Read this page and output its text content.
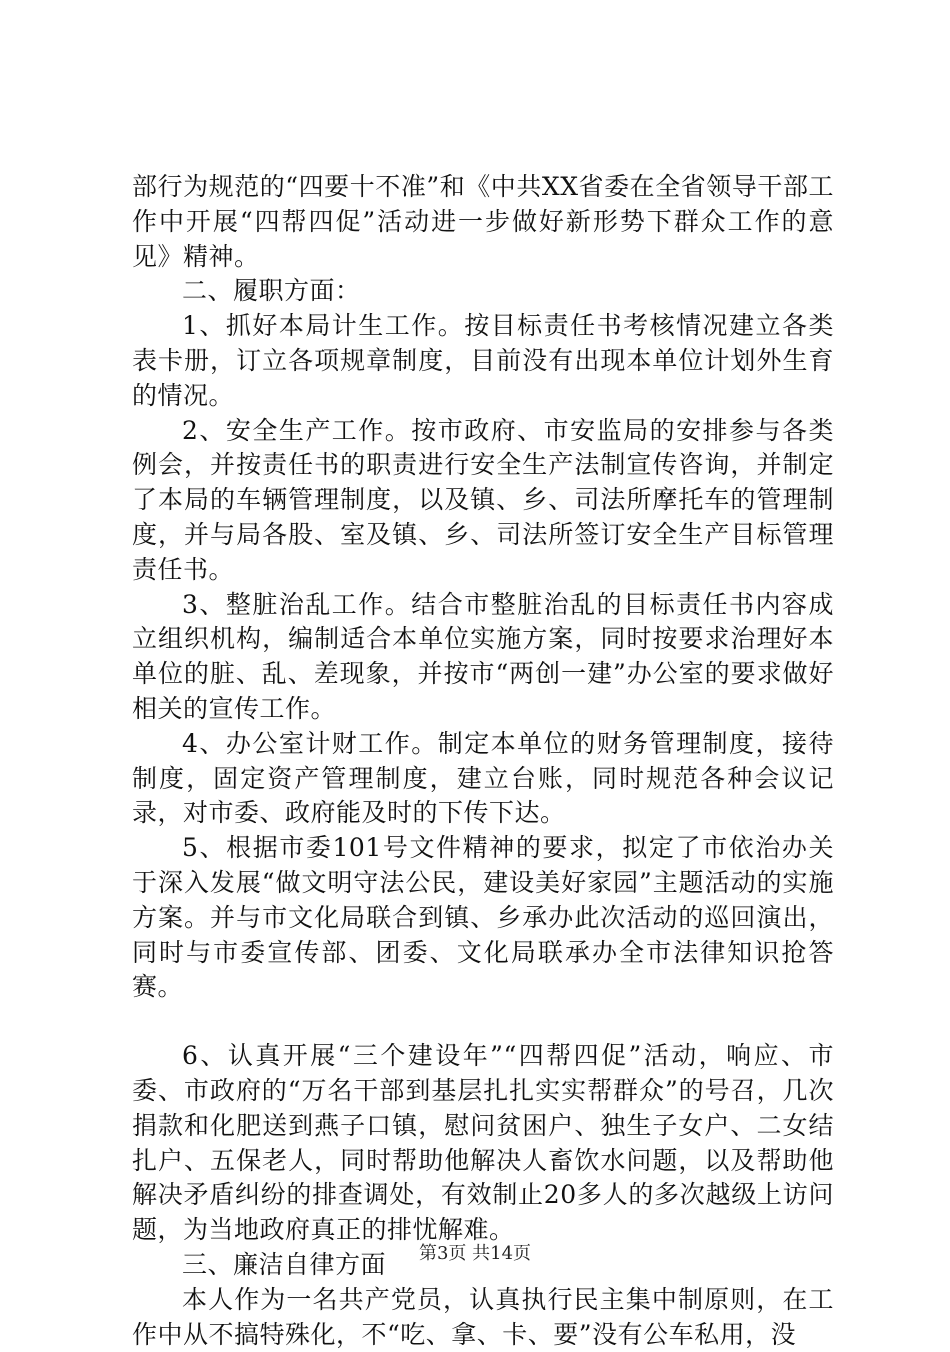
部行为规范的“四要十不准”和《中共XX省委在全省领导干部工作中开展“四帮四促”活动进一步做好新形势下群众工作的意见》精神。

二、履职方面：

1、抓好本局计生工作。按目标责任书考核情况建立各类表卡册，订立各项规章制度，目前没有出现本单位计划外生育的情况。

2、安全生产工作。按市政府、市安监局的安排参与各类例会，并按责任书的职责进行安全生产法制宣传咨询，并制定了本局的车辆管理制度，以及镇、乡、司法所摩托车的管理制度，并与局各股、室及镇、乡、司法所签订安全生产目标管理责任书。

3、整脏治乱工作。结合市整脏治乱的目标责任书内容成立组织机构，编制适合本单位实施方案，同时按要求治理好本单位的脏、乱、差现象，并按市“两创一建”办公室的要求做好相关的宣传工作。

4、办公室计财工作。制定本单位的财务管理制度，接待制度，固定资产管理制度，建立台账，同时规范各种会议记录，对市委、政府能及时的下传下达。

5、根据市委101号文件精神的要求，拟定了市依治办关于深入发展“做文明守法公民，建设美好家园”主题活动的实施方案。并与市文化局联合到镇、乡承办此次活动的巡回演出，同时与市委宣传部、团委、文化局联承办全市法律知识抢答赛。

6、认真开展“三个建设年”“四帮四促”活动，响应、市委、市政府的“万名干部到基层扎扎实实帮群众”的号召，几次捐款和化肥送到燕子口镇，慰问贫困户、独生子女户、二女结扎户、五保老人，同时帮助他解决人畜饮水问题，以及帮助他解决矛盾纠纷的排查调处，有效制止20多人的多次越级上访问题，为当地政府真正的排忧解难。

三、廉洁自律方面

本人作为一名共产党员，认真执行民主集中制原则，在工作中从不搞特殊化，不“吃、拿、卡、要”没有公车私用，没

第3页 共14页
